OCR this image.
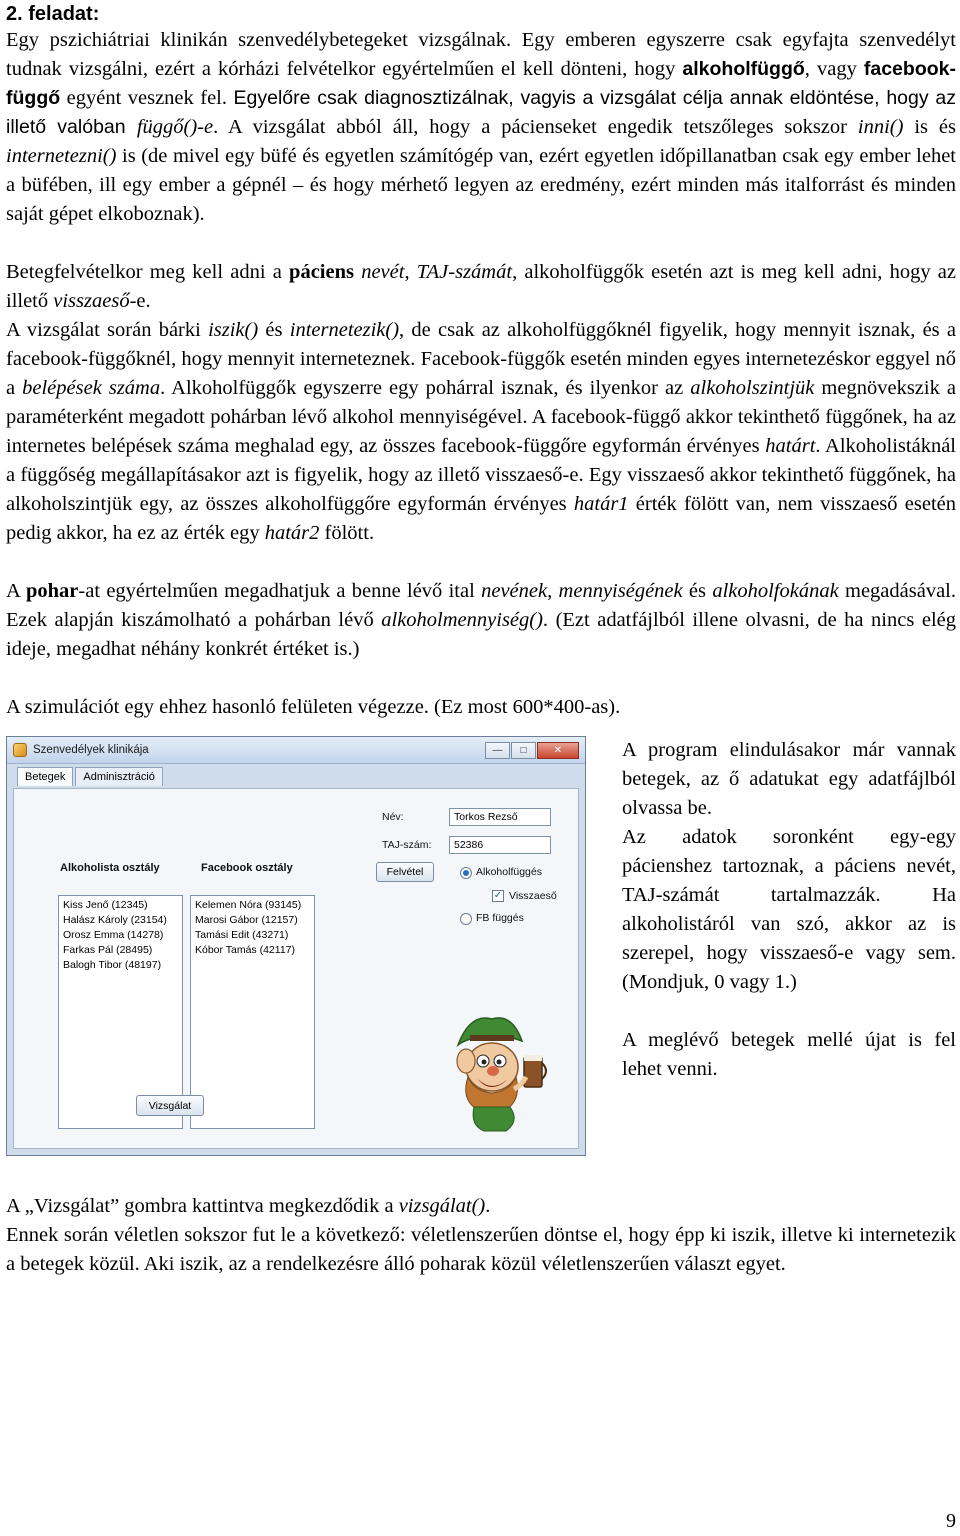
2. feladat:

Egy pszichiátriai klinikán szenvedélybetegeket vizsgálnak. Egy emberen egyszerre csak egyfajta szenvedélyt tudnak vizsgálni, ezért a kórházi felvételkor egyértelműen el kell dönteni, hogy alkoholfüggő, vagy facebook-függő egyént vesznek fel. Egyelőre csak diagnosztizálnak, vagyis a vizsgálat célja annak eldöntése, hogy az illető valóban függő()-e. A vizsgálat abból áll, hogy a pácienseket engedik tetszőleges sokszor inni() is és internetezni() is (de mivel egy büfé és egyetlen számítógép van, ezért egyetlen időpillanatban csak egy ember lehet a büfében, ill egy ember a gépnél – és hogy mérhető legyen az eredmény, ezért minden más italforrást és minden saját gépet elkoboznak).

Betegfelvételkor meg kell adni a páciens nevét, TAJ-számát, alkoholfüggők esetén azt is meg kell adni, hogy az illető visszaeső-e.

A vizsgálat során bárki iszik() és internetezik(), de csak az alkoholfüggőknél figyelik, hogy mennyit isznak, és a facebook-függőknél, hogy mennyit interneteznek. Facebook-függők esetén minden egyes internetezéskor eggyel nő a belépések száma. Alkoholfüggők egyszerre egy pohárral isznak, és ilyenkor az alkoholszintjük megnövekszik a paraméterként megadott pohárban lévő alkohol mennyiségével. A facebook-függő akkor tekinthető függőnek, ha az internetes belépések száma meghalad egy, az összes facebook-függőre egyformán érvényes határt. Alkoholistáknál a függőség megállapításakor azt is figyelik, hogy az illető visszaeső-e. Egy visszaeső akkor tekinthető függőnek, ha alkoholszintjük egy, az összes alkoholfüggőre egyformán érvényes határ1 érték fölött van, nem visszaeső esetén pedig akkor, ha ez az érték egy határ2 fölött.

A pohar-at egyértelműen megadhatjuk a benne lévő ital nevének, mennyiségének és alkoholfokának megadásával. Ezek alapján kiszámolható a pohárban lévő alkoholmennyiség(). (Ezt adatfájlból illene olvasni, de ha nincs elég ideje, megadhat néhány konkrét értéket is.)

A szimulációt egy ehhez hasonló felületen végezze. (Ez most 600*400-as).

Szenvedélyek klinikája	—	□	✕
Betegek	Adminisztráció
Név:	Torkos Rezső
TAJ-szám:	52386
Alkoholista osztály	Facebook osztály	Felvétel	Alkoholfüggés
✓ Visszaeső
FB függés
Kiss Jenő (12345)
Halász Károly (23154)
Orosz Emma (14278)
Farkas Pál (28495)
Balogh Tibor (48197)
Kelemen Nóra (93145)
Marosi Gábor (12157)
Tamási Edit (43271)
Kóbor Tamás (42117)
Vizsgálat

A program elindulásakor már vannak betegek, az ő adatukat egy adatfájlból olvassa be.

Az adatok soronként egy-egy pácienshez tartoznak, a páciens nevét, TAJ-számát tartalmazzák. Ha alkoholistáról van szó, akkor az is szerepel, hogy visszaeső-e vagy sem. (Mondjuk, 0 vagy 1.)

A meglévő betegek mellé újat is fel lehet venni.

A „Vizsgálat” gombra kattintva megkezdődik a vizsgálat().

Ennek során véletlen sokszor fut le a következő: véletlenszerűen döntse el, hogy épp ki iszik, illetve ki internetezik a betegek közül. Aki iszik, az a rendelkezésre álló poharak közül véletlenszerűen választ egyet.

9
